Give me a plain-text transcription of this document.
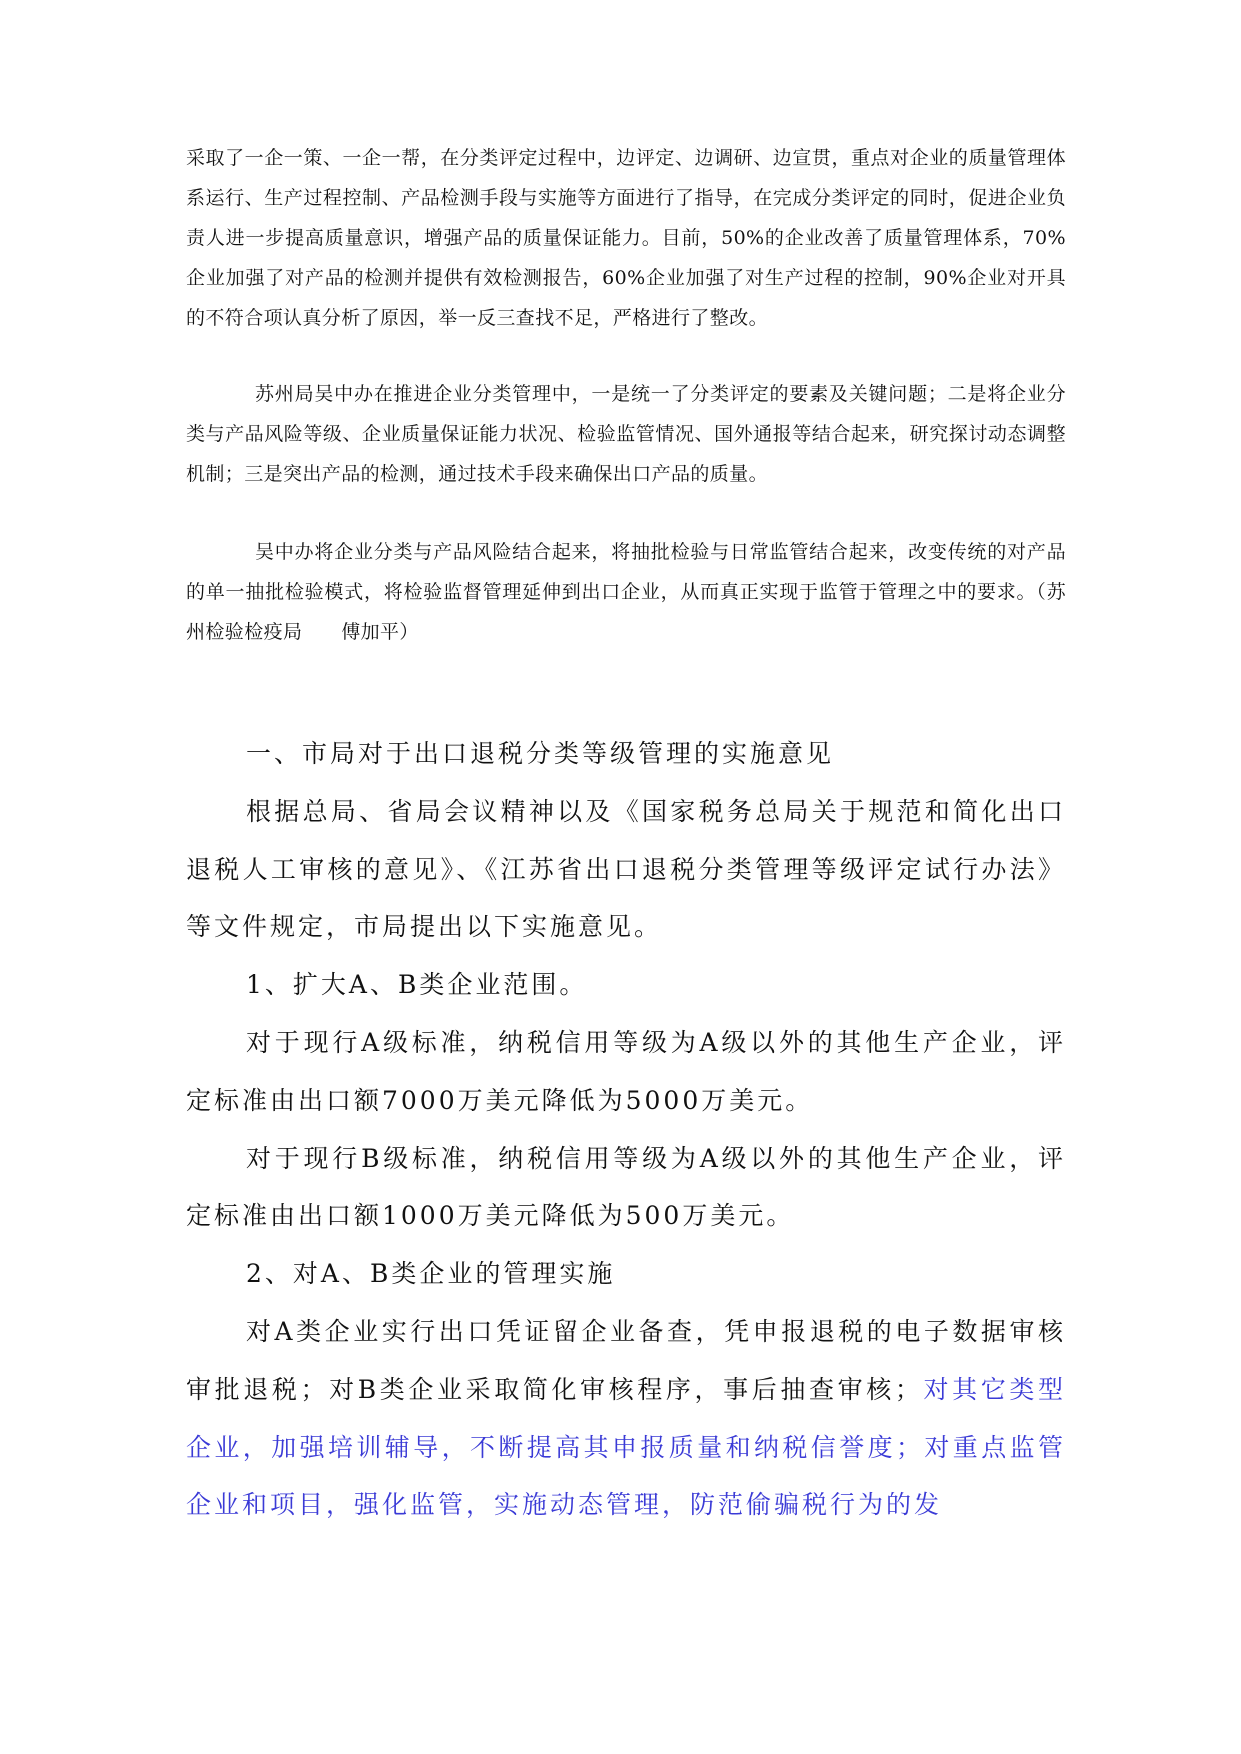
采取了一企一策、一企一帮，在分类评定过程中，边评定、边调研、边宣贯，重点对企业的质量管理体系运行、生产过程控制、产品检测手段与实施等方面进行了指导，在完成分类评定的同时，促进企业负责人进一步提高质量意识，增强产品的质量保证能力。目前，50%的企业改善了质量管理体系，70%企业加强了对产品的检测并提供有效检测报告，60%企业加强了对生产过程的控制，90%企业对开具的不符合项认真分析了原因，举一反三查找不足，严格进行了整改。

苏州局吴中办在推进企业分类管理中，一是统一了分类评定的要素及关键问题；二是将企业分类与产品风险等级、企业质量保证能力状况、检验监管情况、国外通报等结合起来，研究探讨动态调整机制；三是突出产品的检测，通过技术手段来确保出口产品的质量。

吴中办将企业分类与产品风险结合起来，将抽批检验与日常监管结合起来，改变传统的对产品的单一抽批检验模式，将检验监督管理延伸到出口企业，从而真正实现于监管于管理之中的要求。（苏州检验检疫局　　傅加平）

一、市局对于出口退税分类等级管理的实施意见

根据总局、省局会议精神以及《国家税务总局关于规范和简化出口退税人工审核的意见》、《江苏省出口退税分类管理等级评定试行办法》等文件规定，市局提出以下实施意见。

1、扩大A、B类企业范围。

对于现行A级标准，纳税信用等级为A级以外的其他生产企业，评定标准由出口额7000万美元降低为5000万美元。

对于现行B级标准，纳税信用等级为A级以外的其他生产企业，评定标准由出口额1000万美元降低为500万美元。

2、对A、B类企业的管理实施

对A类企业实行出口凭证留企业备查，凭申报退税的电子数据审核审批退税；对B类企业采取简化审核程序，事后抽查审核；对其它类型企业，加强培训辅导，不断提高其申报质量和纳税信誉度；对重点监管企业和项目，强化监管，实施动态管理，防范偷骗税行为的发
